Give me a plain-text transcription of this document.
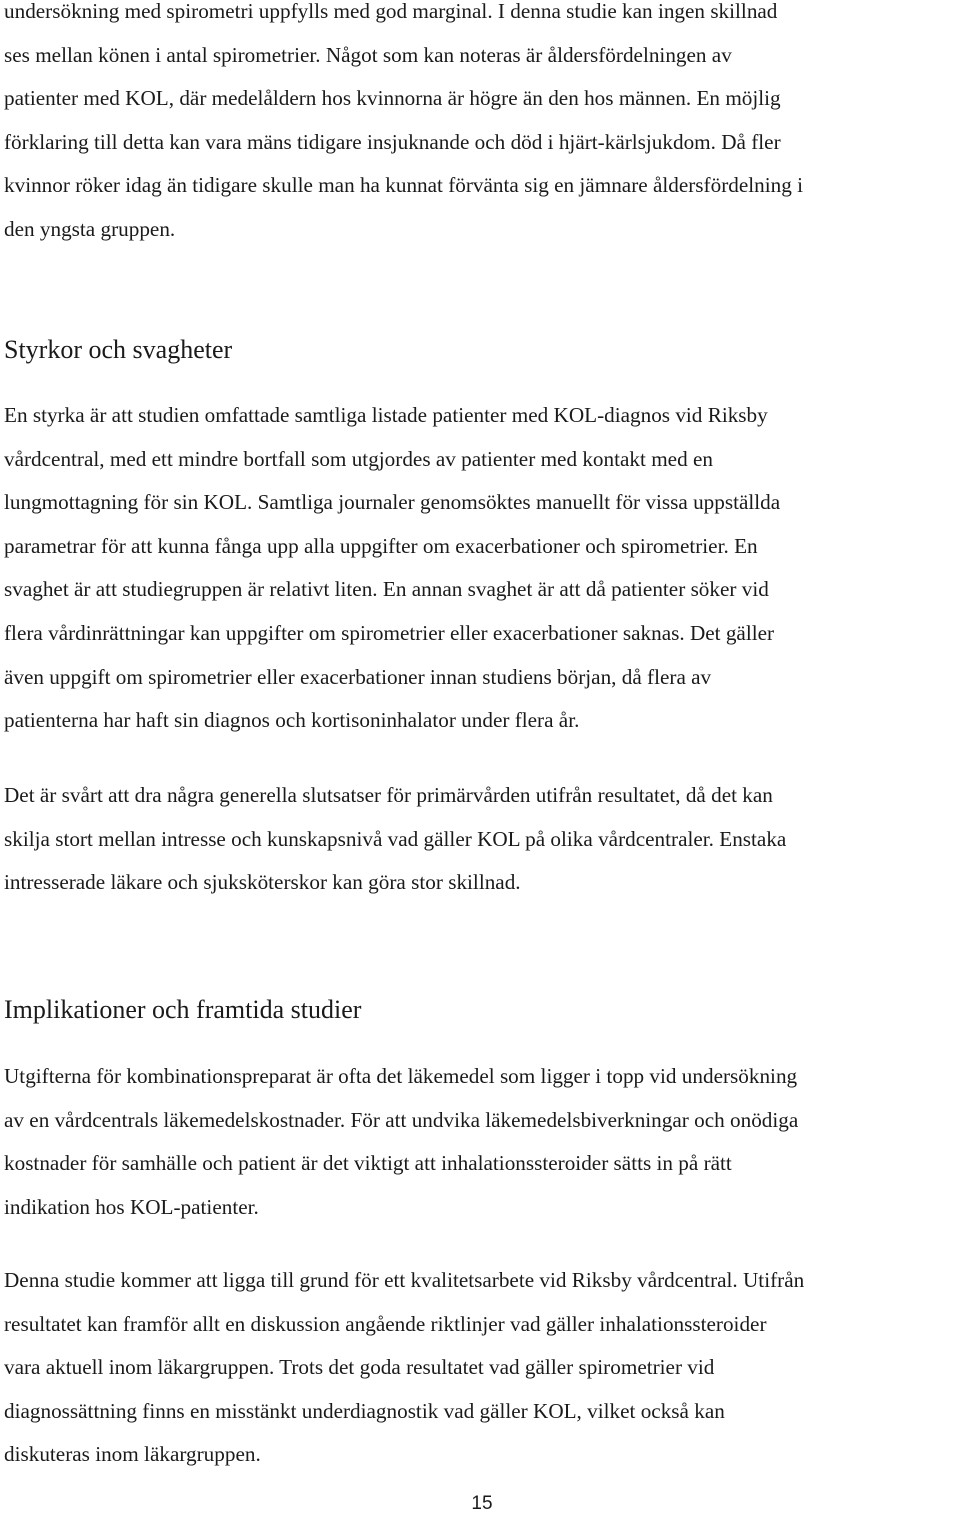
undersökning med spirometri uppfylls med god marginal. I denna studie kan ingen skillnad
ses mellan könen i antal spirometrier. Något som kan noteras är åldersfördelningen av
patienter med KOL, där medelåldern hos kvinnorna är högre än den hos männen. En möjlig
förklaring till detta kan vara mäns tidigare insjuknande och död i hjärt-kärlsjukdom. Då fler
kvinnor röker idag än tidigare skulle man ha kunnat förvänta sig en jämnare åldersfördelning i
den yngsta gruppen.

Styrkor och svagheter

En styrka är att studien omfattade samtliga listade patienter med KOL-diagnos vid Riksby
vårdcentral, med ett mindre bortfall som utgjordes av patienter med kontakt med en
lungmottagning för sin KOL. Samtliga journaler genomsöktes manuellt för vissa uppställda
parametrar för att kunna fånga upp alla uppgifter om exacerbationer och spirometrier. En
svaghet är att studiegruppen är relativt liten. En annan svaghet är att då patienter söker vid
flera vårdinrättningar kan uppgifter om spirometrier eller exacerbationer saknas. Det gäller
även uppgift om spirometrier eller exacerbationer innan studiens början, då flera av
patienterna har haft sin diagnos och kortisoninhalator under flera år.

Det är svårt att dra några generella slutsatser för primärvården utifrån resultatet, då det kan
skilja stort mellan intresse och kunskapsnivå vad gäller KOL på olika vårdcentraler. Enstaka
intresserade läkare och sjuksköterskor kan göra stor skillnad.

Implikationer och framtida studier

Utgifterna för kombinationspreparat är ofta det läkemedel som ligger i topp vid undersökning
av en vårdcentrals läkemedelskostnader. För att undvika läkemedelsbiverkningar och onödiga
kostnader för samhälle och patient är det viktigt att inhalationssteroider sätts in på rätt
indikation hos KOL-patienter.

Denna studie kommer att ligga till grund för ett kvalitetsarbete vid Riksby vårdcentral. Utifrån
resultatet kan framför allt en diskussion angående riktlinjer vad gäller inhalationssteroider
vara aktuell inom läkargruppen. Trots det goda resultatet vad gäller spirometrier vid
diagnossättning finns en misstänkt underdiagnostik vad gäller KOL, vilket också kan
diskuteras inom läkargruppen.

15
